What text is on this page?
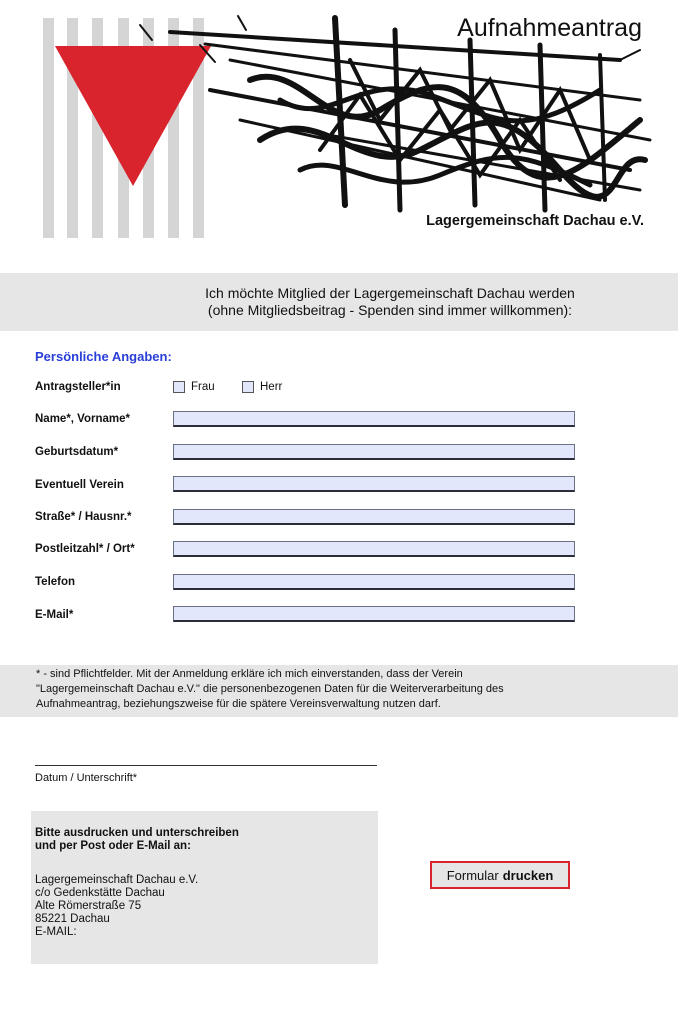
Aufnahmeantrag
Lagergemeinschaft Dachau e.V.
Ich möchte Mitglied der Lagergemeinschaft Dachau werden
(ohne Mitgliedsbeitrag - Spenden sind immer willkommen):
Persönliche Angaben:
Antragsteller*in	Frau	Herr
Name*, Vorname*
Geburtsdatum*
Eventuell Verein
Straße* / Hausnr.*
Postleitzahl* / Ort*
Telefon
E-Mail*
* - sind Pflichtfelder. Mit der Anmeldung erkläre ich mich einverstanden, dass der Verein
"Lagergemeinschaft Dachau e.V." die personenbezogenen Daten für die Weiterverarbeitung des
Aufnahmeantrag, beziehungszweise für die spätere Vereinsverwaltung nutzen darf.
Datum / Unterschrift*
Bitte ausdrucken und unterschreiben
und per Post oder E-Mail an:
Lagergemeinschaft Dachau e.V.
c/o Gedenkstätte Dachau
Alte Römerstraße 75
85221 Dachau
E-MAIL:
Formular drucken
